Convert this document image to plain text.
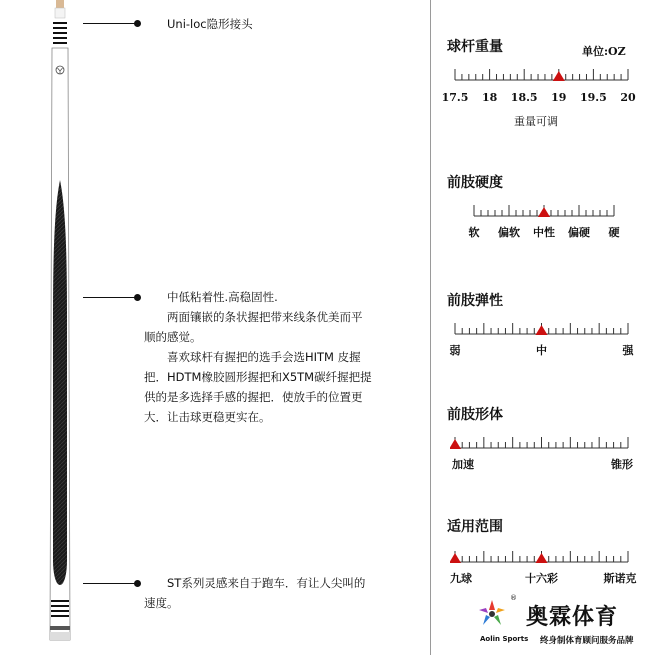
Uni-loc隐形接头

中低粘着性.高稳固性.

两面镶嵌的条状握把带来线条优美而平

顺的感觉。

喜欢球杆有握把的选手会选HITM 皮握

把．HDTM橡胶圆形握把和X5TM碳纤握把提

供的是多选择手感的握把．使放手的位置更

大．让击球更稳更实在。

ST系列灵感来自于跑车．有让人尖叫的

速度。

球杆重量	单位:OZ
17.5 18 18.5 19 19.5 20
重量可调
前肢硬度
软 偏软 中性 偏硬 硬
前肢弹性
弱	中	强
前肢形体
加速	锥形
适用范围
九球	十六彩	斯诺克
®
奥霖体育
Aolin Sports 终身制体育顾问服务品牌
